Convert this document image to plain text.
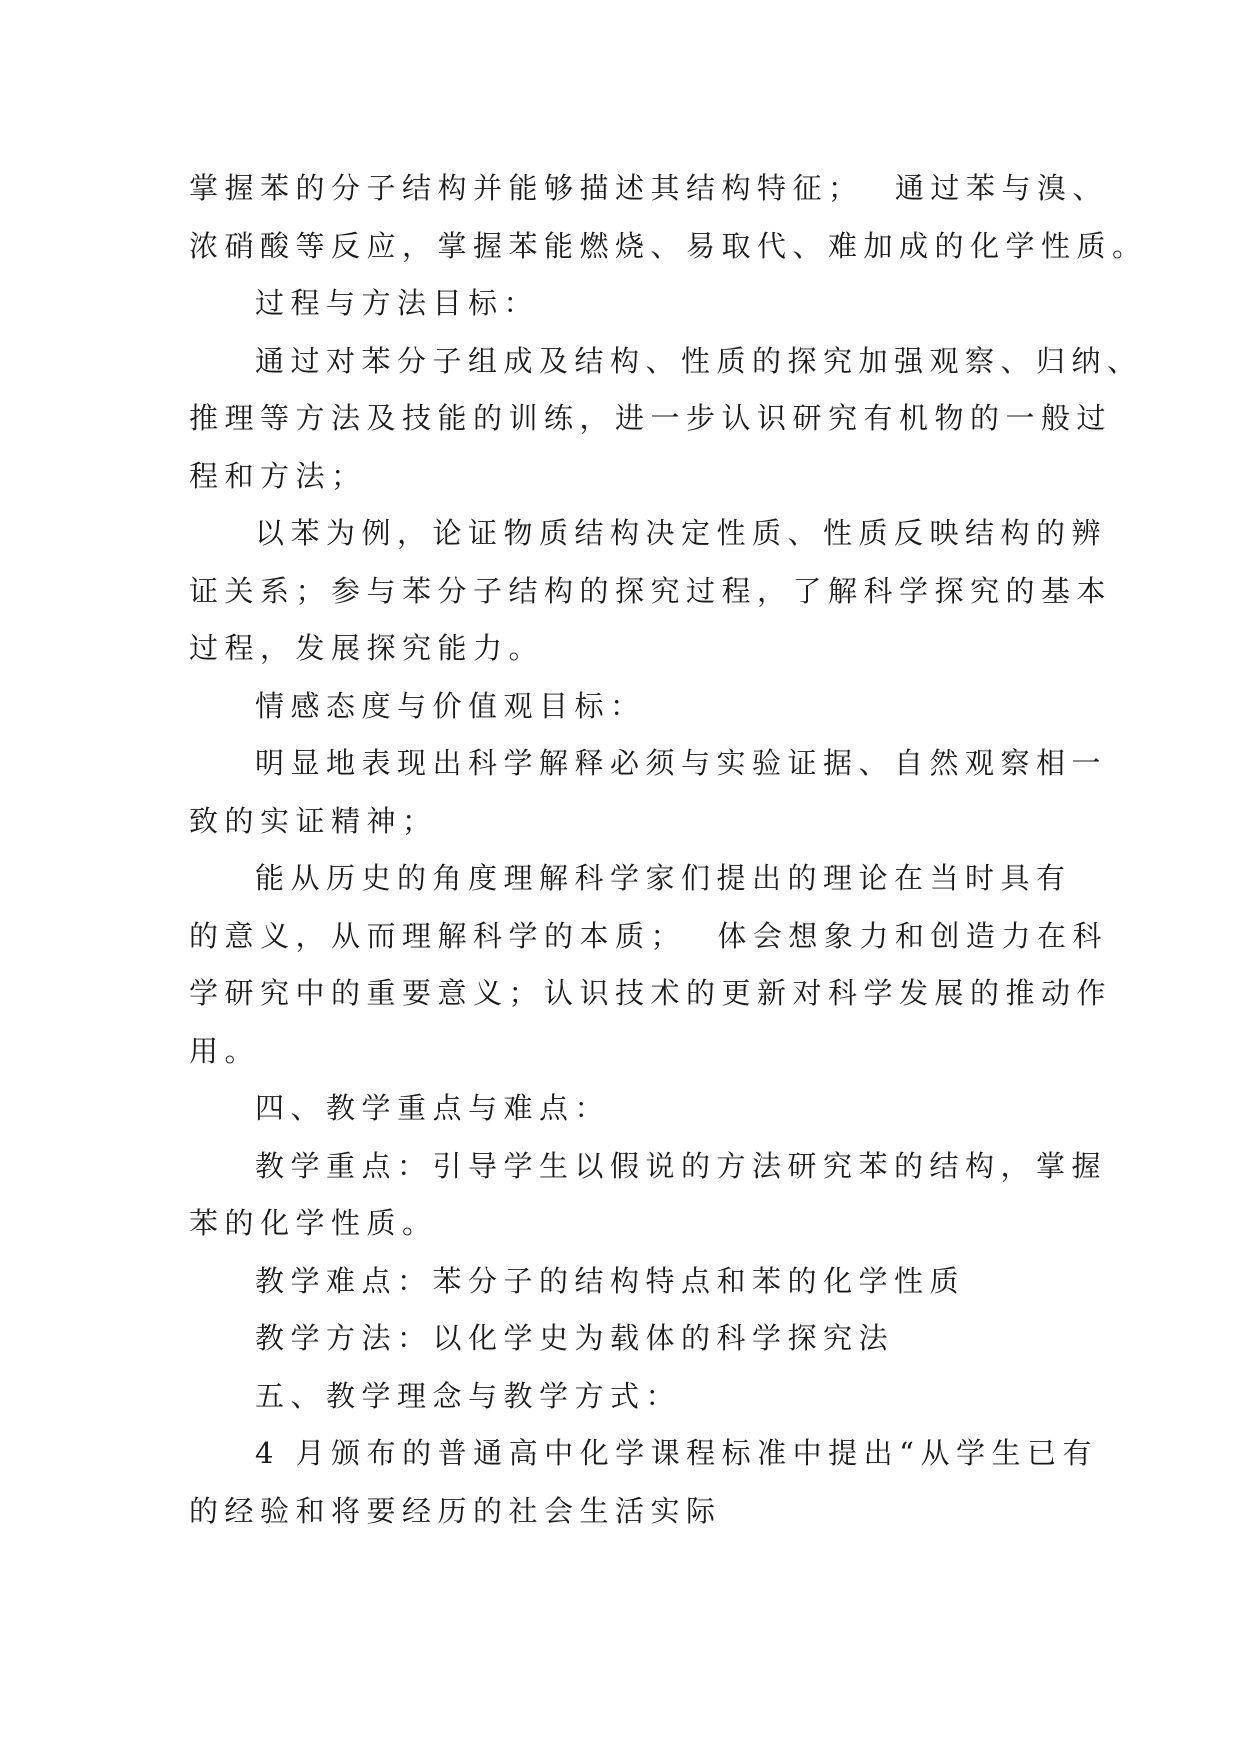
掌握苯的分子结构并能够描述其结构特征；  通过苯与溴、
浓硝酸等反应，掌握苯能燃烧、易取代、难加成的化学性质。
过程与方法目标：
通过对苯分子组成及结构、性质的探究加强观察、归纳、
推理等方法及技能的训练，进一步认识研究有机物的一般过
程和方法；
以苯为例，论证物质结构决定性质、性质反映结构的辨
证关系；参与苯分子结构的探究过程，了解科学探究的基本
过程，发展探究能力。
情感态度与价值观目标：
明显地表现出科学解释必须与实验证据、自然观察相一
致的实证精神；
能从历史的角度理解科学家们提出的理论在当时具有
的意义，从而理解科学的本质；  体会想象力和创造力在科
学研究中的重要意义；认识技术的更新对科学发展的推动作
用。
四、教学重点与难点：
教学重点：引导学生以假说的方法研究苯的结构，掌握
苯的化学性质。
教学难点：苯分子的结构特点和苯的化学性质
教学方法：以化学史为载体的科学探究法
五、教学理念与教学方式：
4 月颁布的普通高中化学课程标准中提出“从学生已有
的经验和将要经历的社会生活实际
